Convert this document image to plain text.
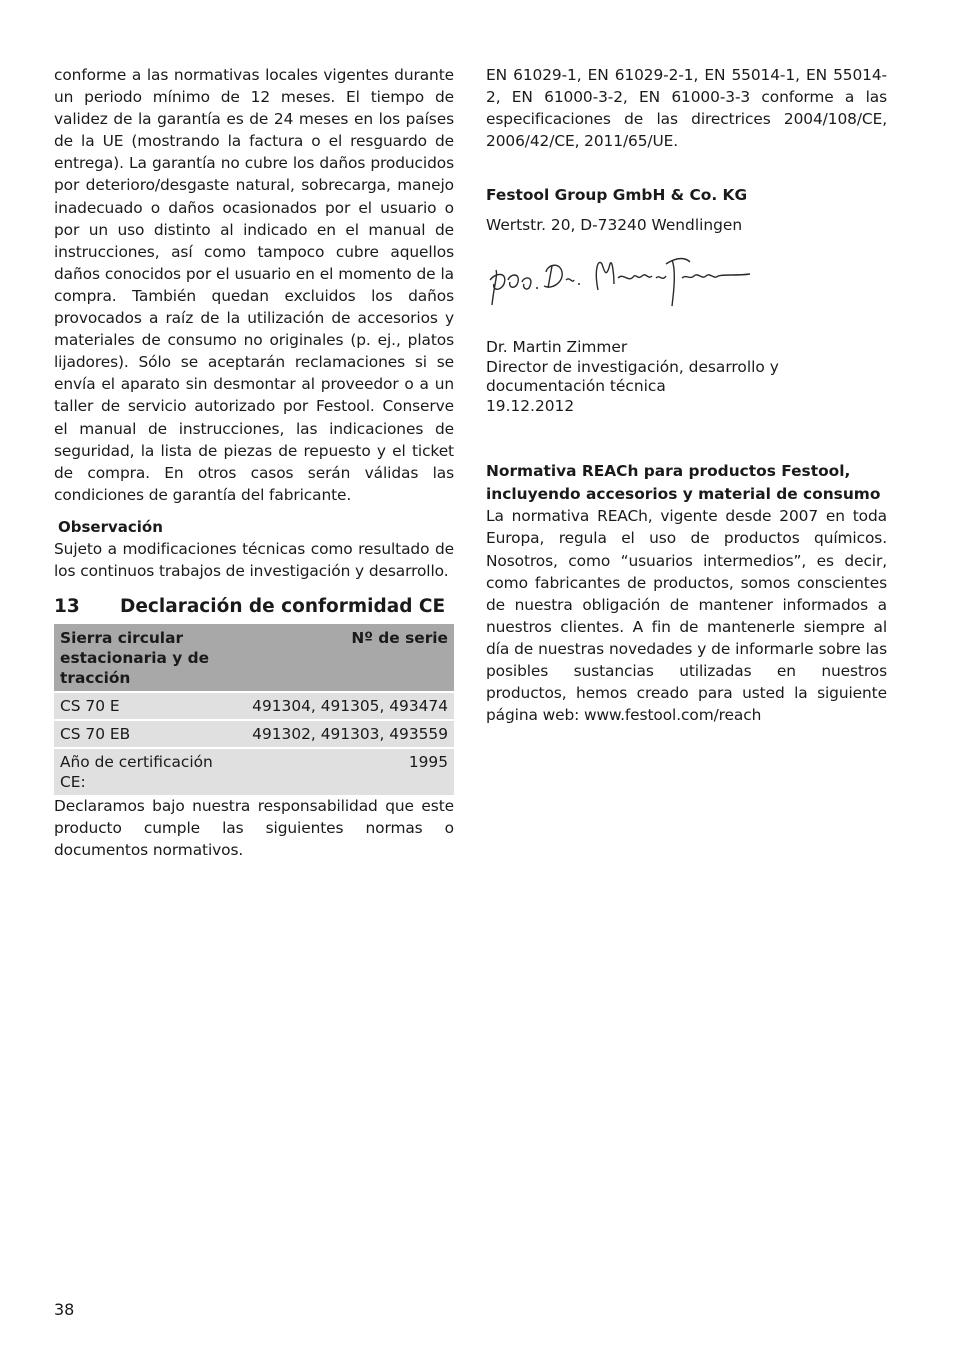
conforme a las normativas locales vigentes durante un periodo mínimo de 12 meses. El tiempo de validez de la garantía es de 24 meses en los países de la UE (mostrando la factura o el resguardo de entrega). La garantía no cubre los daños producidos por deterioro/desgaste natural, sobrecarga, manejo inadecuado o daños ocasionados por el usuario o por un uso distinto al indicado en el manual de instrucciones, así como tampoco cubre aquellos daños conocidos por el usuario en el momento de la compra. También quedan excluidos los daños provocados a raíz de la utilización de accesorios y materiales de consumo no originales (p. ej., platos lijadores). Sólo se aceptarán reclamaciones si se envía el aparato sin desmontar al proveedor o a un taller de servicio autorizado por Festool. Conserve el manual de instrucciones, las indicaciones de seguridad, la lista de piezas de repuesto y el ticket de compra. En otros casos serán válidas las condiciones de garantía del fabricante.

Observación

Sujeto a modificaciones técnicas como resultado de los continuos trabajos de investigación y desarrollo.

13	Declaración de conformidad CE
Sierra circular estacionaria y de tracción	Nº de serie
CS 70 E	491304, 491305, 493474
CS 70 EB	491302, 491303, 493559
Año de certificación CE:	1995

Declaramos bajo nuestra responsabilidad que este producto cumple las siguientes normas o documentos normativos.

EN 61029-1, EN 61029-2-1, EN 55014-1, EN 55014-2, EN 61000-3-2, EN 61000-3-3 conforme a las especificaciones de las directrices 2004/108/CE, 2006/42/CE, 2011/65/UE.

Festool Group GmbH & Co. KG
Wertstr. 20, D-73240 Wendlingen
Dr. Martin Zimmer
Director de investigación, desarrollo y documentación técnica
19.12.2012
Normativa REACh para productos Festool, incluyendo accesorios y material de consumo

La normativa REACh, vigente desde 2007 en toda Europa, regula el uso de productos químicos. Nosotros, como “usuarios intermedios”, es decir, como fabricantes de productos, somos conscientes de nuestra obligación de mantener informados a nuestros clientes. A fin de mantenerle siempre al día de nuestras novedades y de informarle sobre las posibles sustancias utilizadas en nuestros productos, hemos creado para usted la siguiente página web: www.festool.com/reach

38
